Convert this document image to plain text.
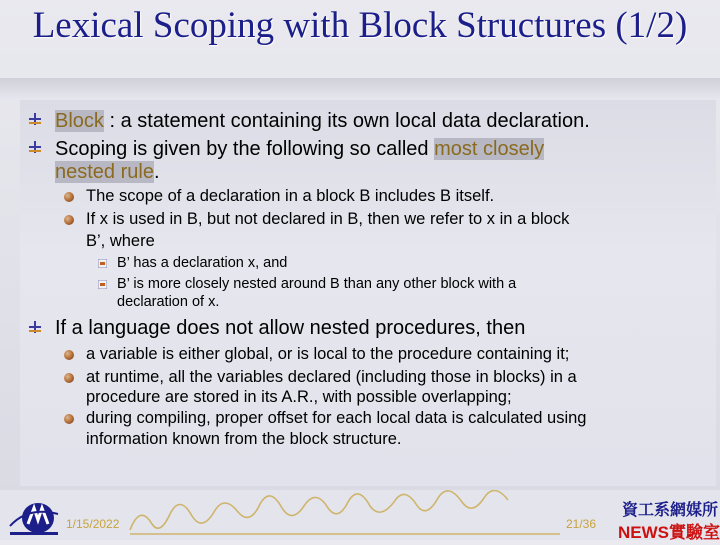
Lexical Scoping with Block Structures (1/2)
Block : a statement containing its own local data declaration.
Scoping is given by the following so called most closely
nested rule.
The scope of a declaration in a block B includes B itself.
If x is used in B, but not declared in B, then we refer to x in a block
B’, where
B’ has a declaration x, and
B’ is more closely nested around B than any other block with a
declaration of x.
If a language does not allow nested procedures, then
a variable is either global, or is local to the procedure containing it;
at runtime, all the variables declared (including those in blocks) in a
procedure are stored in its A.R., with possible overlapping;
during compiling, proper offset for each local data is calculated using
information known from the block structure.
1/15/2022	21/36
資工系網媒所
NEWS實驗室
